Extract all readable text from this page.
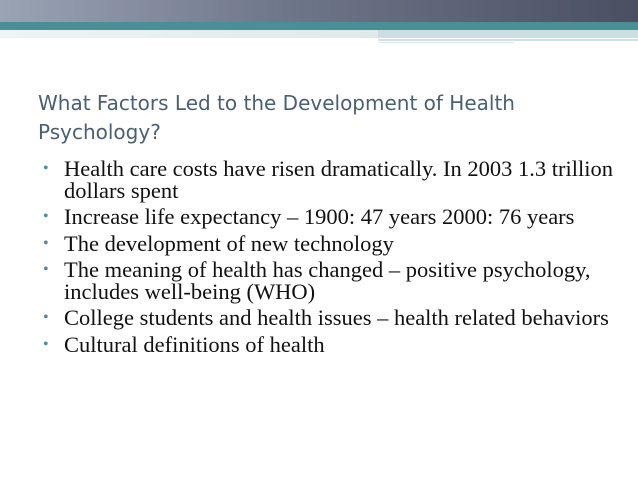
What Factors Led to the Development of Health Psychology?
• Health care costs have risen dramatically. In 2003 1.3 trillion dollars spent
• Increase life expectancy – 1900: 47 years 2000: 76 years
• The development of new technology
• The meaning of health has changed – positive psychology, includes well-being (WHO)
• College students and health issues – health related behaviors
• Cultural definitions of health
